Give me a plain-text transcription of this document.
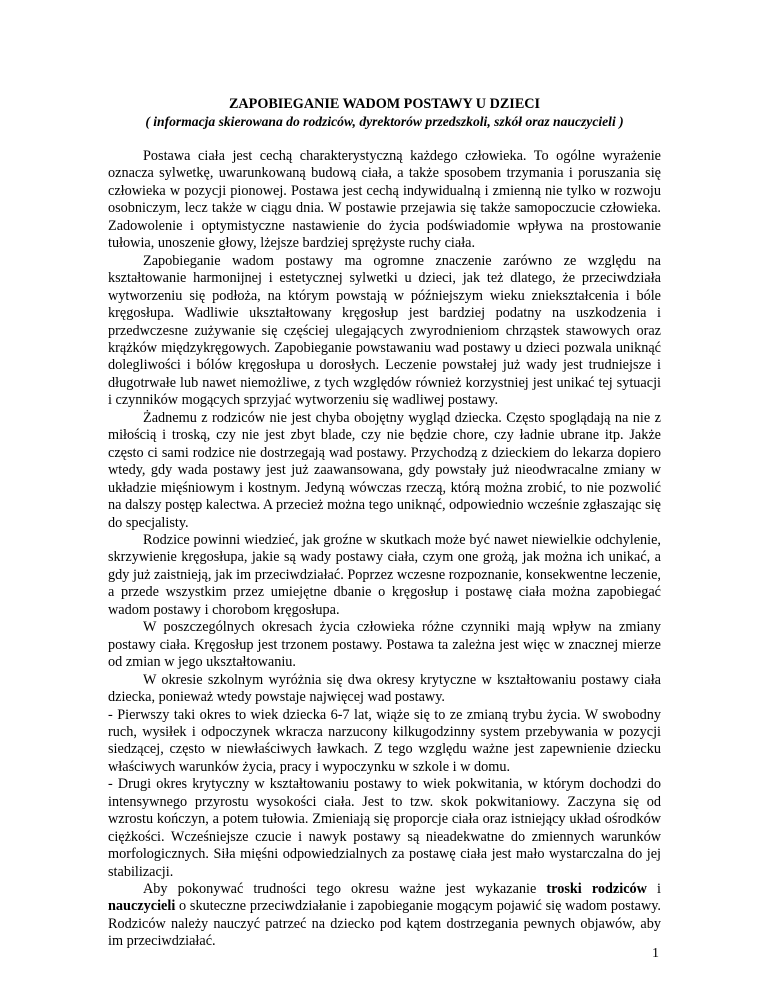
ZAPOBIEGANIE WADOM POSTAWY U DZIECI

( informacja skierowana do rodziców, dyrektorów przedszkoli, szkół oraz nauczycieli )

Postawa ciała jest cechą charakterystyczną każdego człowieka. To ogólne wyrażenie oznacza sylwetkę, uwarunkowaną budową ciała, a także sposobem trzymania i poruszania się człowieka w pozycji pionowej. Postawa jest cechą indywidualną i zmienną nie tylko w rozwoju osobniczym, lecz także w ciągu dnia. W postawie przejawia się także samopoczucie człowieka. Zadowolenie i optymistyczne nastawienie do życia podświadomie wpływa na prostowanie tułowia, unoszenie głowy, lżejsze bardziej sprężyste ruchy ciała.

Zapobieganie wadom postawy ma ogromne znaczenie zarówno ze względu na kształtowanie harmonijnej i estetycznej sylwetki u dzieci, jak też dlatego, że przeciwdziała wytworzeniu się podłoża, na którym powstają w późniejszym wieku zniekształcenia i bóle kręgosłupa. Wadliwie ukształtowany kręgosłup jest bardziej podatny na uszkodzenia i przedwczesne zużywanie się częściej ulegających zwyrodnieniom chrząstek stawowych oraz krążków międzykręgowych. Zapobieganie powstawaniu wad postawy u dzieci pozwala uniknąć dolegliwości i bólów kręgosłupa u dorosłych. Leczenie powstałej już wady jest trudniejsze i długotrwałe lub nawet niemożliwe, z tych względów również korzystniej jest unikać tej sytuacji i czynników mogących sprzyjać wytworzeniu się wadliwej postawy.

Żadnemu z rodziców nie jest chyba obojętny wygląd dziecka. Często spoglądają na nie z miłością i troską, czy nie jest zbyt blade, czy nie będzie chore, czy ładnie ubrane itp. Jakże często ci sami rodzice nie dostrzegają wad postawy. Przychodzą z dzieckiem do lekarza dopiero wtedy, gdy wada postawy jest już zaawansowana, gdy powstały już nieodwracalne zmiany w układzie mięśniowym i kostnym. Jedyną wówczas rzeczą, którą można zrobić, to nie pozwolić na dalszy postęp kalectwa. A przecież można tego uniknąć, odpowiednio wcześnie zgłaszając się do specjalisty.

Rodzice powinni wiedzieć, jak groźne w skutkach może być nawet niewielkie odchylenie, skrzywienie kręgosłupa, jakie są wady postawy ciała, czym one grożą, jak można ich unikać, a gdy już zaistnieją, jak im przeciwdziałać. Poprzez wczesne rozpoznanie, konsekwentne leczenie, a przede wszystkim przez umiejętne dbanie o kręgosłup i postawę ciała można zapobiegać wadom postawy i chorobom kręgosłupa.

W poszczególnych okresach życia człowieka różne czynniki mają wpływ na zmiany postawy ciała. Kręgosłup jest trzonem postawy. Postawa ta zależna jest więc w znacznej mierze od zmian w jego ukształtowaniu.

W okresie szkolnym wyróżnia się dwa okresy krytyczne w kształtowaniu postawy ciała dziecka, ponieważ wtedy powstaje najwięcej wad postawy.

- Pierwszy taki okres to wiek dziecka 6-7 lat, wiąże się to ze zmianą trybu życia. W swobodny ruch, wysiłek i odpoczynek wkracza narzucony kilkugodzinny system przebywania w pozycji siedzącej, często w niewłaściwych ławkach. Z tego względu ważne jest zapewnienie dziecku właściwych warunków życia, pracy i wypoczynku w szkole i w domu.

- Drugi okres krytyczny w kształtowaniu postawy to wiek pokwitania, w którym dochodzi do intensywnego przyrostu wysokości ciała. Jest to tzw. skok pokwitaniowy. Zaczyna się od wzrostu kończyn, a potem tułowia. Zmieniają się proporcje ciała oraz istniejący układ ośrodków ciężkości. Wcześniejsze czucie i nawyk postawy są nieadekwatne do zmiennych warunków morfologicznych. Siła mięśni odpowiedzialnych za postawę ciała jest mało wystarczalna do jej stabilizacji.

Aby pokonywać trudności tego okresu ważne jest wykazanie troski rodziców i nauczycieli o skuteczne przeciwdziałanie i zapobieganie mogącym pojawić się wadom postawy. Rodziców należy nauczyć patrzeć na dziecko pod kątem dostrzegania pewnych objawów, aby im przeciwdziałać.

1
